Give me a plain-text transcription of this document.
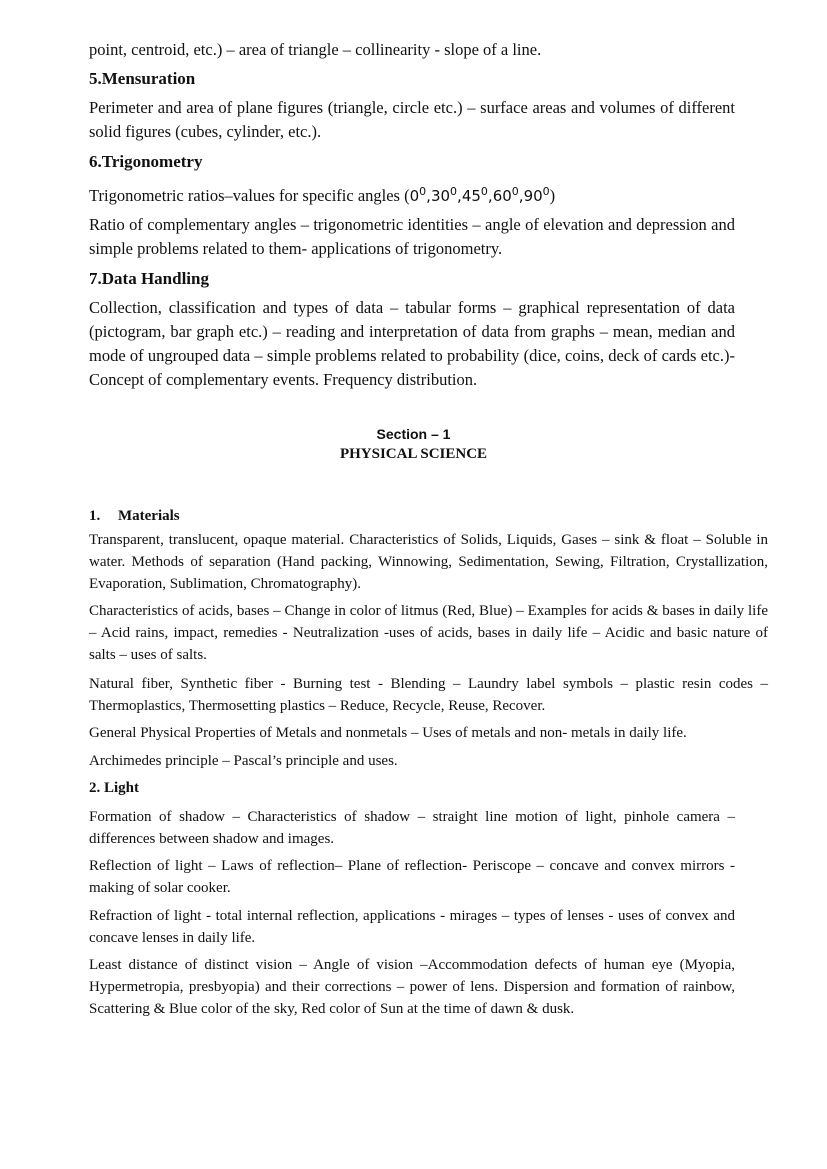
point, centroid, etc.) – area of triangle – collinearity - slope of a line.

5.Mensuration

Perimeter and area of plane figures (triangle, circle etc.) – surface areas and volumes of different solid figures (cubes, cylinder, etc.).

6.Trigonometry

Trigonometric ratios–values for specific angles $(0^0,30^0,45^0,60^0,90^0)$

Ratio of complementary angles – trigonometric identities – angle of elevation and depression and simple problems related to them- applications of trigonometry.

7.Data Handling

Collection, classification and types of data – tabular forms – graphical representation of data (pictogram, bar graph etc.) – reading and interpretation of data from graphs – mean, median and mode of ungrouped data – simple problems related to probability (dice, coins, deck of cards etc.)- Concept of complementary events. Frequency distribution.

Section – 1

PHYSICAL SCIENCE

1. Materials

Transparent, translucent, opaque material. Characteristics of Solids, Liquids, Gases – sink & float – Soluble in water. Methods of separation (Hand packing, Winnowing, Sedimentation, Sewing, Filtration, Crystallization, Evaporation, Sublimation, Chromatography).

Characteristics of acids, bases – Change in color of litmus (Red, Blue) – Examples for acids & bases in daily life – Acid rains, impact, remedies - Neutralization -uses of acids, bases in daily life – Acidic and basic nature of salts – uses of salts.

Natural fiber, Synthetic fiber - Burning test - Blending – Laundry label symbols – plastic resin codes – Thermoplastics, Thermosetting plastics – Reduce, Recycle, Reuse, Recover.

General Physical Properties of Metals and nonmetals – Uses of metals and non- metals in daily life.

Archimedes principle – Pascal’s principle and uses.

2. Light

Formation of shadow – Characteristics of shadow – straight line motion of light, pinhole camera – differences between shadow and images.

Reflection of light – Laws of reflection– Plane of reflection- Periscope – concave and convex mirrors - making of solar cooker.

Refraction of light - total internal reflection, applications - mirages – types of lenses - uses of convex and concave lenses in daily life.

Least distance of distinct vision – Angle of vision –Accommodation defects of human eye (Myopia, Hypermetropia, presbyopia) and their corrections – power of lens. Dispersion and formation of rainbow, Scattering & Blue color of the sky, Red color of Sun at the time of dawn & dusk.
